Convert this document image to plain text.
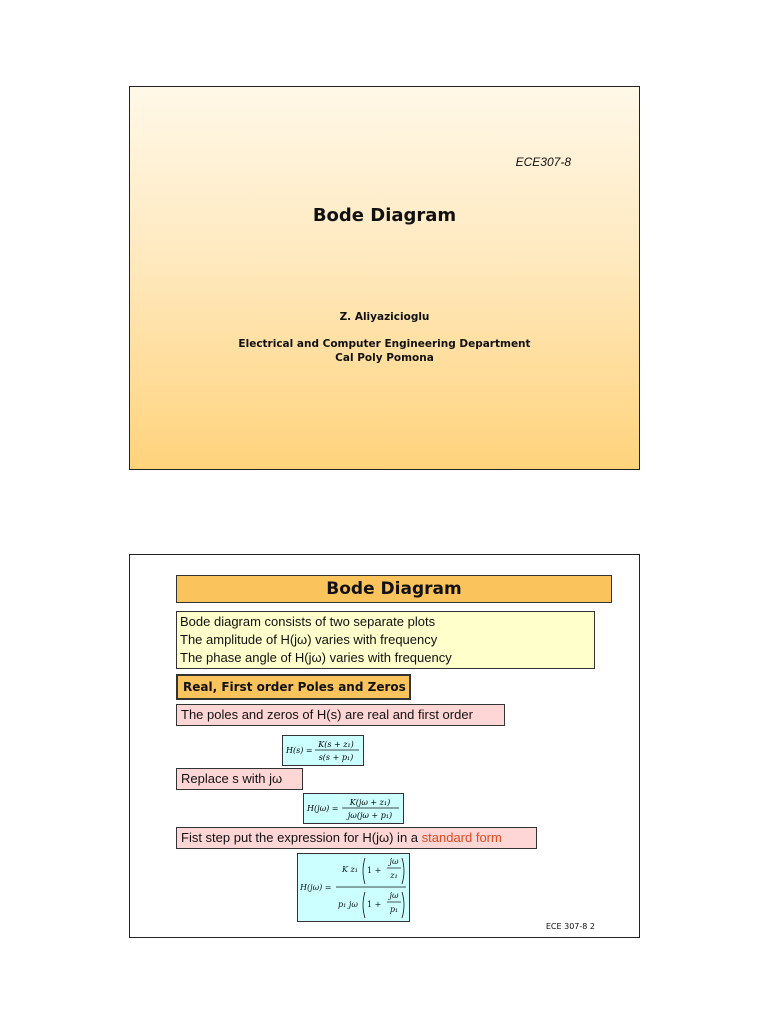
ECE307-8
Bode Diagram
Z. Aliyazicioglu
Electrical and Computer Engineering Department
Cal Poly Pomona
Bode Diagram
Bode diagram consists of two separate plots
The amplitude of H(jω) varies with frequency
The phase angle of H(jω) varies with frequency
Real, First order Poles and Zeros
The poles and zeros of H(s) are real and first order
H(s) =
K(s + z₁)
s(s + p₁)
Replace s with jω
H(jω) =
K(jω + z₁)
jω(jω + p₁)
Fist step put the expression for H(jω) in a standard form
H(jω) =
K z₁ 1 +
jω
z₁
p₁ jω 1 +
jω
p₁
ECE 307-8 2
